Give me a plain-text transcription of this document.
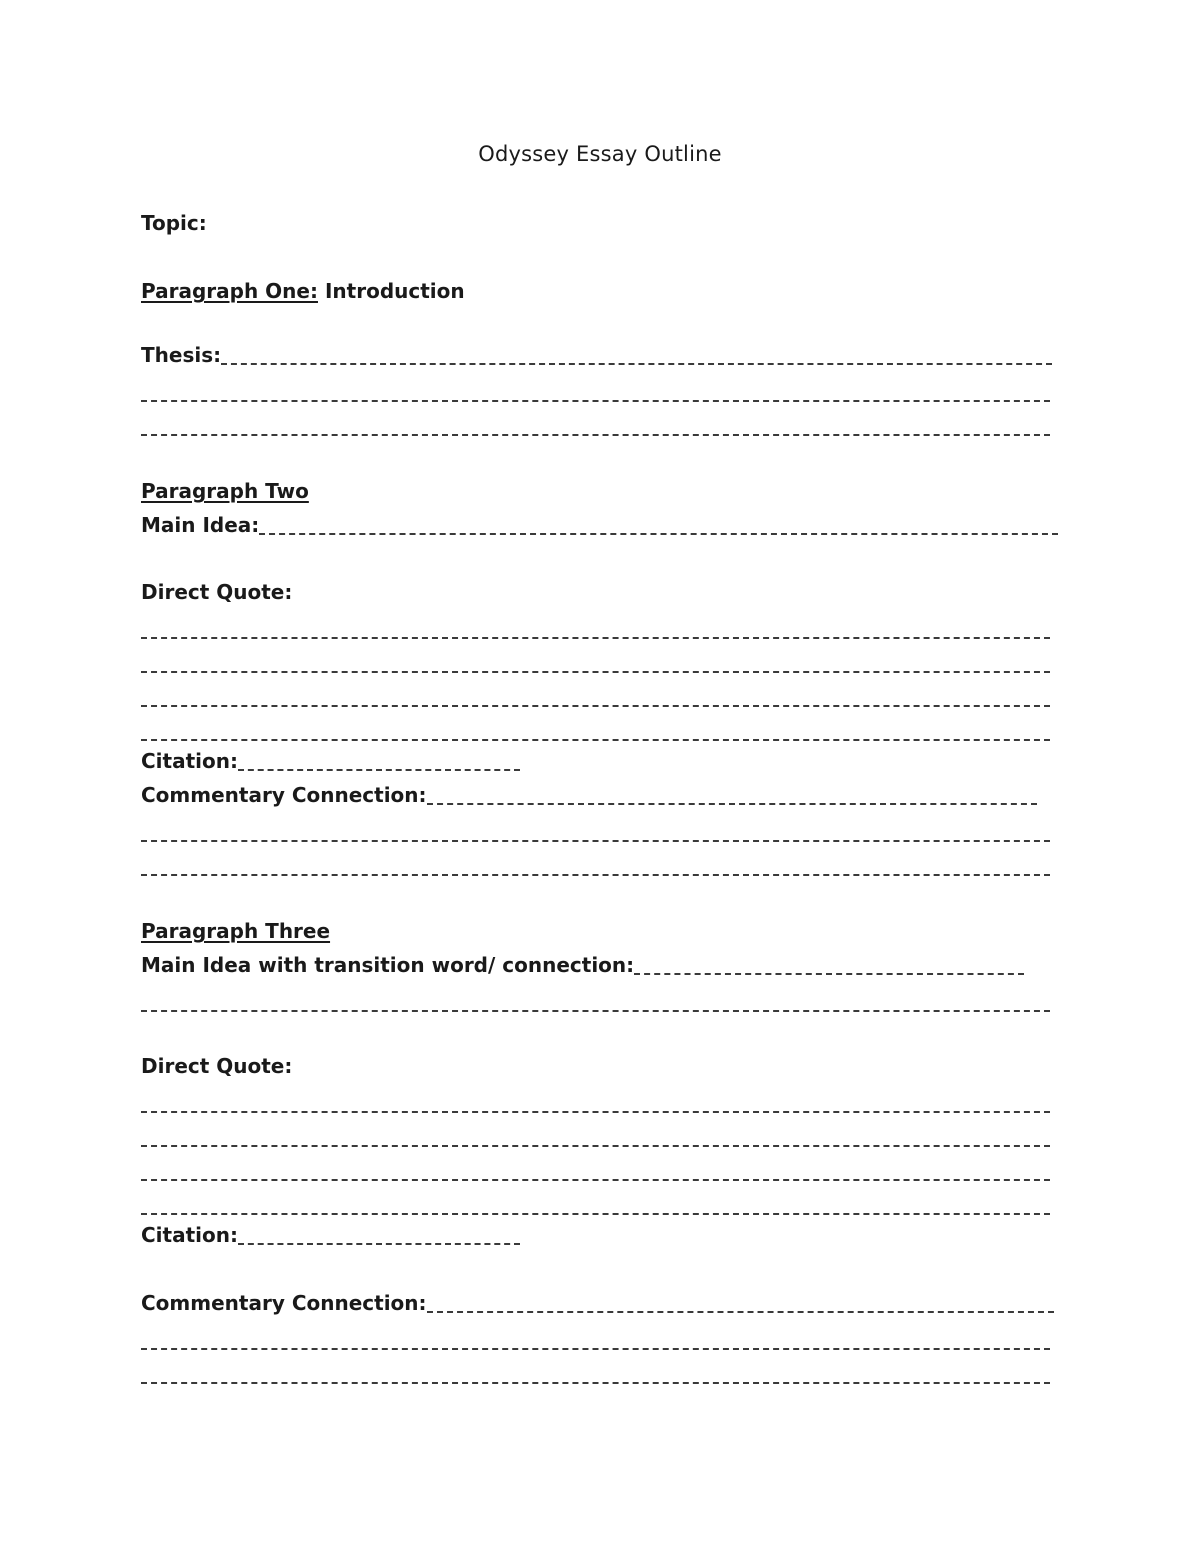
Odyssey Essay Outline
Topic:
Paragraph One: Introduction
Thesis:
Paragraph Two
Main Idea:
Direct Quote:
Citation:
Commentary Connection:
Paragraph Three
Main Idea with transition word/ connection:
Direct Quote:
Citation:
Commentary Connection:
